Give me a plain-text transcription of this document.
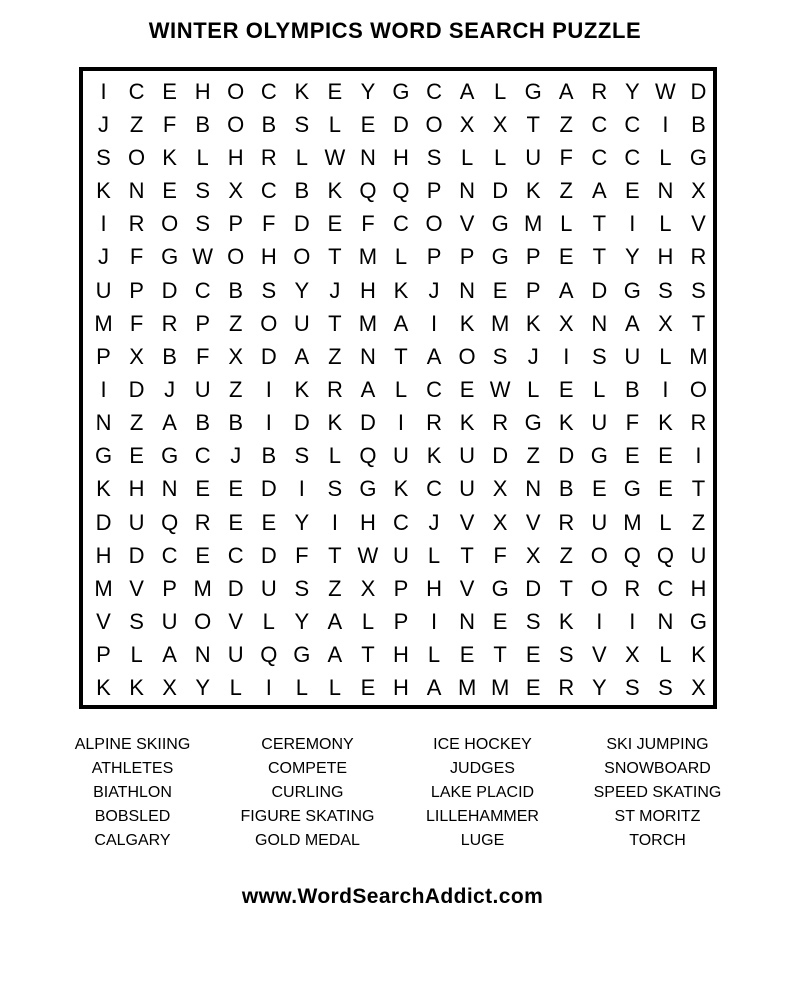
WINTER OLYMPICS WORD SEARCH PUZZLE
I	C E H O C K E Y G C A L G A R Y W D
J Z F B O B S L E D O X X T Z C C	I	B
S O K L H R L W N H S L L U F C C L G
K N E S X C B K Q Q P N D K Z A E N X
I	R O S P F D E F C O V G M L T	I	L V
J F G W O H O T M L P P G P E T Y H R
U P D C B S Y J H K J N E P A D G S S
M F R P Z O U T M A	I	K M K X N A X T
P X B F X D A Z N T A O S J	I	S U L M
I	D J U Z	I	K R A L C E W L E L B	I O
N Z A B B	I	D K D	I	R K R G K U F K R
G E G C J B S L Q U K U D Z D G E E	I
K H N E E D	I	S G K C U X N B E G E T
D U Q R E E Y	I	H C J V X V R U M L Z
H D C E C D F T W U L T F X Z O Q Q U
M V P M D U S Z X P H V G D T O R C H
V S U O V L Y A L P	I	N E S K	I	I	N G
P L A N U Q G A T H L E T E S V X L K
K K X Y L	I	L L E H A M M E R Y S S X
ALPINE SKIING
ATHLETES
BIATHLON
BOBSLED
CALGARY
CEREMONY
COMPETE
CURLING
FIGURE SKATING
GOLD MEDAL
ICE HOCKEY
JUDGES
LAKE PLACID
LILLEHAMMER
LUGE
SKI JUMPING
SNOWBOARD
SPEED SKATING
ST MORITZ
TORCH
www.WordSearchAddict.com
